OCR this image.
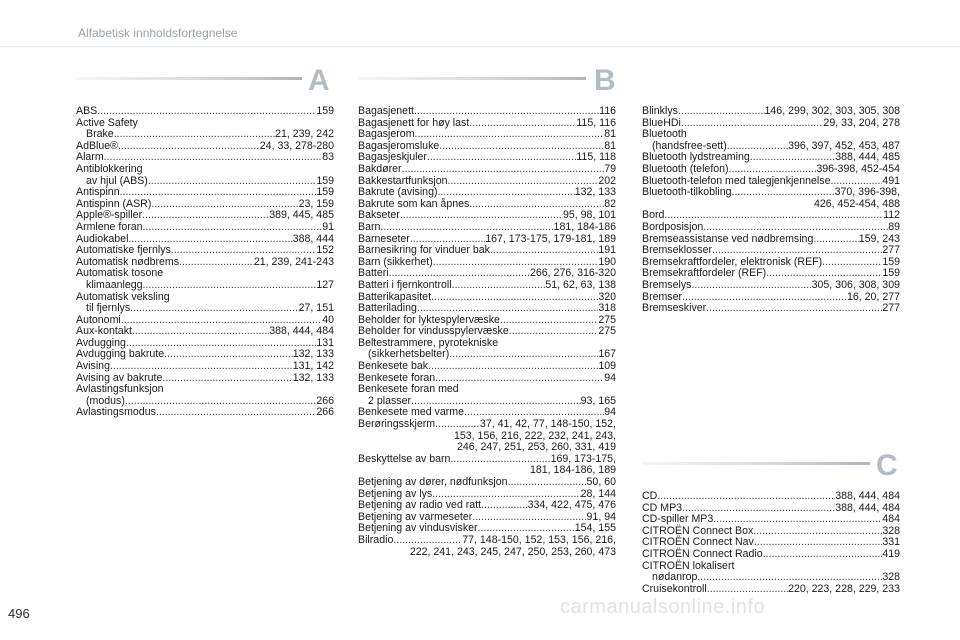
Alfabetisk innholdsfortegnelse
A
ABS .....	159
Active Safety
Brake .....	21, 239, 242
AdBlue® .....	24, 33, 278-280
Alarm .....	83
Antiblokkering
av hjul (ABS) .....	159
Antispinn .....	159
Antispinn (ASR) .....	23, 159
Apple®-spiller .....	389, 445, 485
Armlene foran .....	91
Audiokabel .....	388, 444
Automatiske fjernlys .....	152
Automatisk nødbrems .....	21, 239, 241-243
Automatisk tosone
klimaanlegg .....	127
Automatisk veksling
til fjernlys .....	27, 151
Autonomi .....	40
Aux-kontakt .....	388, 444, 484
Avdugging .....	131
Avdugging bakrute .....	132, 133
Avising .....	131, 142
Avising av bakrute .....	132, 133
Avlastingsfunksjon
(modus) .....	266
Avlastingsmodus .....	266
B
Bagasjenett .....	116
Bagasjenett for høy last .....	115, 116
Bagasjerom .....	81
Bagasjeromsluke .....	81
Bagasjeskjuler .....	115, 118
Bakdører .....	79
Bakkestartfunksjon .....	202
Bakrute (avising) .....	132, 133
Bakrute som kan åpnes .....	82
Bakseter .....	95, 98, 101
Barn .....	181, 184-186
Barneseter .....	167, 173-175, 179-181, 189
Barnesikring for vinduer bak .....	191
Barn (sikkerhet) .....	190
Batteri .....	266, 276, 316-320
Batteri i fjernkontroll .....	51, 62, 63, 138
Batterikapasitet .....	320
Batterilading .....	318
Beholder for lyktespylervæske .....	275
Beholder for vindusspylervæske .....	275
Beltestrammere, pyrotekniske
(sikkerhetsbelter) .....	167
Benkesete bak .....	109
Benkesete foran .....	94
Benkesete foran med
2 plasser .....	93, 165
Benkesete med varme .....	94
Berøringsskjerm .....	37, 41, 42, 77, 148-150, 152,
153, 156, 216, 222, 232, 241, 243,
246, 247, 251, 253, 260, 331, 419
Beskyttelse av barn .....	169, 173-175,
181, 184-186, 189
Betjening av dører, nødfunksjon .....	50, 60
Betjening av lys .....	28, 144
Betjening av radio ved ratt .....	334, 422, 475, 476
Betjening av varmeseter .....	91, 94
Betjening av vindusvisker .....	154, 155
Bilradio .....	77, 148-150, 152, 153, 156, 216,
222, 241, 243, 245, 247, 250, 253, 260, 473
Blinklys .....	146, 299, 302, 303, 305, 308
BlueHDi .....	29, 33, 204, 278
Bluetooth
(handsfree-sett) .....	396, 397, 452, 453, 487
Bluetooth lydstreaming .....	388, 444, 485
Bluetooth (telefon) .....	396-398, 452-454
Bluetooth-telefon med talegjenkjennelse .....	491
Bluetooth-tilkobling .....	370, 396-398,
426, 452-454, 488
Bord .....	112
Bordposisjon .....	89
Bremseassistanse ved nødbremsing .....	159, 243
Bremseklosser .....	277
Bremsekraftfordeler, elektronisk (REF) .....	159
Bremsekraftfordeler (REF) .....	159
Bremselys .....	305, 306, 308, 309
Bremser .....	16, 20, 277
Bremseskiver .....	277
C
CD .....	388, 444, 484
CD MP3 .....	388, 444, 484
CD-spiller MP3 .....	484
CITROËN Connect Box .....	328
CITROËN Connect Nav .....	331
CITROËN Connect Radio .....	419
CITROËN lokalisert
nødanrop .....	328
Cruisekontroll .....	220, 223, 228, 229, 233
496	carmanualsonline.info
